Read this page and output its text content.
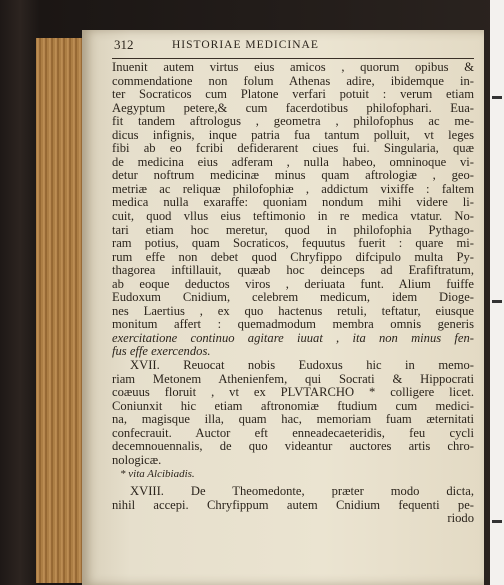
312	HISTORIAE MEDICINAE
Inuenit autem virtus eius amicos , quorum opibus &
commendatione non folum Athenas adire, ibidemque in-
ter Socraticos cum Platone verfari potuit : verum etiam
Aegyptum petere,& cum facerdotibus philofophari. Eua-
fit tandem aftrologus , geometra , philofophus ac me-
dicus infignis, inque patria fua tantum polluit, vt leges
fibi ab eo fcribi defiderarent ciues fui. Singularia, quæ
de medicina eius adferam , nulla habeo, omninoque vi-
detur noftrum medicinæ minus quam aftrologiæ , geo-
metriæ ac reliquæ philofophiæ , addictum vixiffe : faltem
medica nulla exaraffe: quoniam nondum mihi videre li-
cuit, quod vllus eius teftimonio in re medica vtatur. No-
tari etiam hoc meretur, quod in philofophia Pythago-
ram potius, quam Socraticos, fequutus fuerit : quare mi-
rum effe non debet quod Chryfippo difcipulo multa Py-
thagorea inftillauit, quæab hoc deinceps ad Erafiftratum,
ab eoque deductos viros , deriuata funt. Alium fuiffe
Eudoxum Cnidium, celebrem medicum, idem Dioge-
nes Laertius , ex quo hactenus retuli, teftatur, eiusque
monitum affert : quemadmodum membra omnis generis
exercitatione continuo agitare iuuat , ita non minus fen-
fus effe exercendos.
XVII. Reuocat nobis Eudoxus hic in memo-
riam Metonem Athenienfem, qui Socrati & Hippocrati
coæuus floruit , vt ex PLVTARCHO * colligere licet.
Coniunxit hic etiam aftronomiæ ftudium cum medici-
na, magisque illa, quam hac, memoriam fuam æternitati
confecrauit. Auctor eft enneadecaeteridis, feu cycli
decemnouennalis, de quo videantur auctores artis chro-
nologicæ.
* vita Alcibiadis.
XVIII. De Theomedonte, præter modo dicta,
nihil accepi. Chryfippum autem Cnidium fequenti pe-
riodo
